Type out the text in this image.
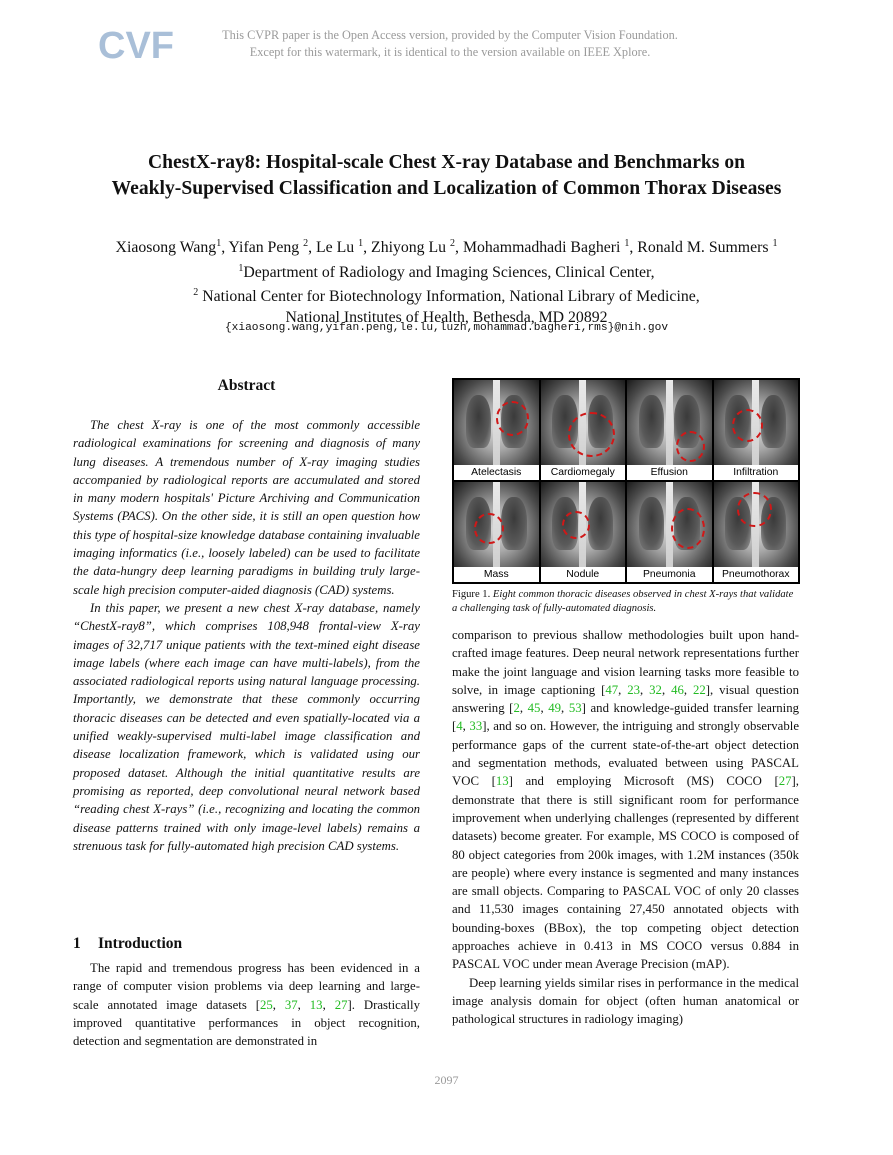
CVF	This CVPR paper is the Open Access version, provided by the Computer Vision Foundation.
Except for this watermark, it is identical to the version available on IEEE Xplore.
ChestX-ray8: Hospital-scale Chest X-ray Database and Benchmarks on
Weakly-Supervised Classification and Localization of Common Thorax Diseases
Xiaosong Wang$^1$, Yifan Peng $^2$, Le Lu $^1$, Zhiyong Lu $^2$, Mohammadhadi Bagheri $^1$, Ronald M. Summers $^1$
$^1$Department of Radiology and Imaging Sciences, Clinical Center,
$^2$ National Center for Biotechnology Information, National Library of Medicine,
National Institutes of Health, Bethesda, MD 20892
{xiaosong.wang,yifan.peng,le.lu,luzh,mohammad.bagheri,rms}@nih.gov
Abstract

The chest X-ray is one of the most commonly accessible radiological examinations for screening and diagnosis of many lung diseases. A tremendous number of X-ray imaging studies accompanied by radiological reports are accumulated and stored in many modern hospitals' Picture Archiving and Communication Systems (PACS). On the other side, it is still an open question how this type of hospital-size knowledge database containing invaluable imaging informatics (i.e., loosely labeled) can be used to facilitate the data-hungry deep learning paradigms in building truly large-scale high precision computer-aided diagnosis (CAD) systems.

In this paper, we present a new chest X-ray database, namely “ChestX-ray8”, which comprises 108,948 frontal-view X-ray images of 32,717 unique patients with the text-mined eight disease image labels (where each image can have multi-labels), from the associated radiological reports using natural language processing. Importantly, we demonstrate that these commonly occurring thoracic diseases can be detected and even spatially-located via a unified weakly-supervised multi-label image classification and disease localization framework, which is validated using our proposed dataset. Although the initial quantitative results are promising as reported, deep convolutional neural network based “reading chest X-rays” (i.e., recognizing and locating the common disease patterns trained with only image-level labels) remains a strenuous task for fully-automated high precision CAD systems.

1 Introduction

The rapid and tremendous progress has been evidenced in a range of computer vision problems via deep learning and large-scale annotated image datasets [25, 37, 13, 27]. Drastically improved quantitative performances in object recognition, detection and segmentation are demonstrated in

Atelectasis	Cardiomegaly	Effusion	Infiltration
Mass	Nodule	Pneumonia	Pneumothorax
Figure 1. Eight common thoracic diseases observed in chest X-rays that validate a challenging task of fully-automated diagnosis.

comparison to previous shallow methodologies built upon hand-crafted image features. Deep neural network representations further make the joint language and vision learning tasks more feasible to solve, in image captioning [47, 23, 32, 46, 22], visual question answering [2, 45, 49, 53] and knowledge-guided transfer learning [4, 33], and so on. However, the intriguing and strongly observable performance gaps of the current state-of-the-art object detection and segmentation methods, evaluated between using PASCAL VOC [13] and employing Microsoft (MS) COCO [27], demonstrate that there is still significant room for performance improvement when underlying challenges (represented by different datasets) become greater. For example, MS COCO is composed of 80 object categories from 200k images, with 1.2M instances (350k are people) where every instance is segmented and many instances are small objects. Comparing to PASCAL VOC of only 20 classes and 11,530 images containing 27,450 annotated objects with bounding-boxes (BBox), the top competing object detection approaches achieve in 0.413 in MS COCO versus 0.884 in PASCAL VOC under mean Average Precision (mAP).

Deep learning yields similar rises in performance in the medical image analysis domain for object (often human anatomical or pathological structures in radiology imaging)

2097
